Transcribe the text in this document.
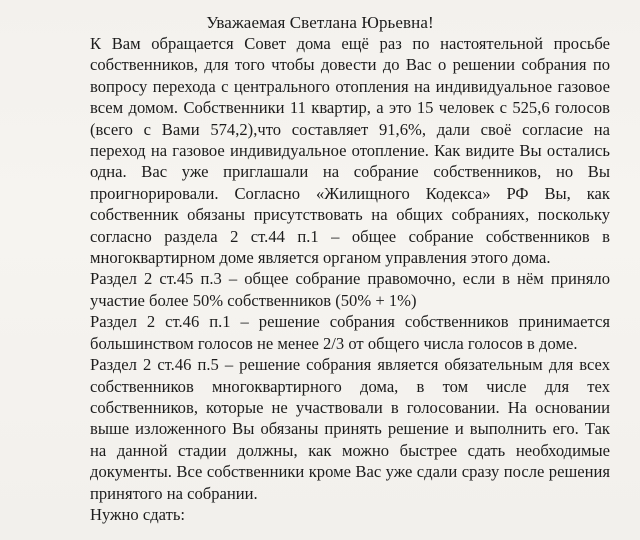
Уважаемая Светлана Юрьевна!

К Вам обращается Совет дома ещё раз по настоятельной просьбе собственников, для того чтобы довести до Вас о решении собрания по вопросу перехода с центрального отопления на индивидуальное газовое всем домом. Собственники 11 квартир, а это 15 человек с 525,6 голосов (всего с Вами 574,2),что составляет 91,6%, дали своё согласие на переход на газовое индивидуальное отопление. Как видите Вы остались одна. Вас уже приглашали на собрание собственников, но Вы проигнорировали. Согласно «Жилищного Кодекса» РФ Вы, как собственник обязаны присутствовать на общих собраниях, поскольку согласно раздела 2 ст.44 п.1 – общее собрание собственников в многоквартирном доме является органом управления этого дома.

Раздел 2 ст.45 п.3 – общее собрание правомочно, если в нём приняло участие более 50% собственников (50% + 1%)

Раздел 2 ст.46 п.1 – решение собрания собственников принимается большинством голосов не менее 2/3 от общего числа голосов в доме.

Раздел 2 ст.46 п.5 – решение собрания является обязательным для всех собственников многоквартирного дома, в том числе для тех собственников, которые не участвовали в голосовании. На основании выше изложенного Вы обязаны принять решение и выполнить его. Так на данной стадии должны, как можно быстрее сдать необходимые документы. Все собственники кроме Вас уже сдали сразу после решения принятого на собрании.

Нужно сдать:
